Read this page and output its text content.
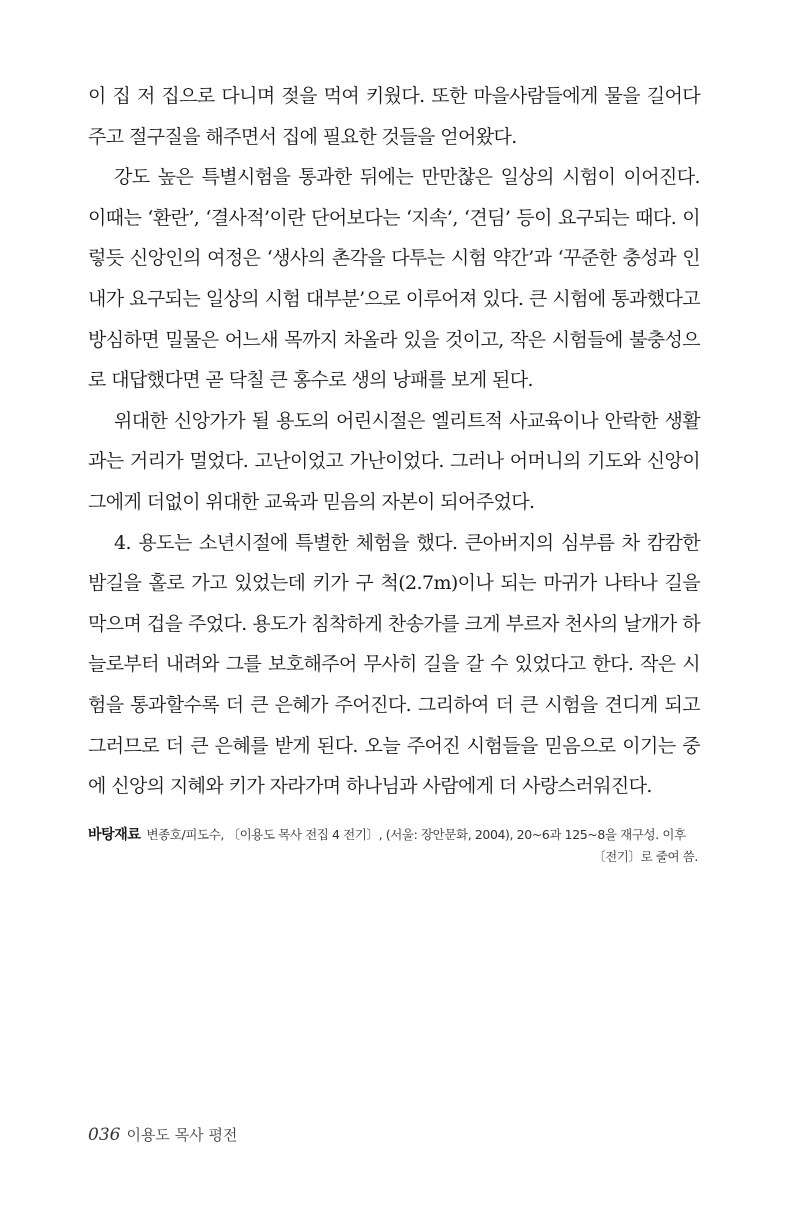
이 집 저 집으로 다니며 젖을 먹여 키웠다. 또한 마을사람들에게 물을 길어다 주고 절구질을 해주면서 집에 필요한 것들을 얻어왔다.

강도 높은 특별시험을 통과한 뒤에는 만만찮은 일상의 시험이 이어진다. 이때는 ‘환란’, ‘결사적’이란 단어보다는 ‘지속’, ‘견딤’ 등이 요구되는 때다. 이렇듯 신앙인의 여정은 ‘생사의 촌각을 다투는 시험 약간’과 ‘꾸준한 충성과 인내가 요구되는 일상의 시험 대부분’으로 이루어져 있다. 큰 시험에 통과했다고 방심하면 밀물은 어느새 목까지 차올라 있을 것이고, 작은 시험들에 불충성으로 대답했다면 곧 닥칠 큰 홍수로 생의 낭패를 보게 된다.

위대한 신앙가가 될 용도의 어린시절은 엘리트적 사교육이나 안락한 생활과는 거리가 멀었다. 고난이었고 가난이었다. 그러나 어머니의 기도와 신앙이 그에게 더없이 위대한 교육과 믿음의 자본이 되어주었다.

4. 용도는 소년시절에 특별한 체험을 했다. 큰아버지의 심부름 차 캄캄한 밤길을 홀로 가고 있었는데 키가 구 척(2.7m)이나 되는 마귀가 나타나 길을 막으며 겁을 주었다. 용도가 침착하게 찬송가를 크게 부르자 천사의 날개가 하늘로부터 내려와 그를 보호해주어 무사히 길을 갈 수 있었다고 한다. 작은 시험을 통과할수록 더 큰 은혜가 주어진다. 그리하여 더 큰 시험을 견디게 되고 그러므로 더 큰 은혜를 받게 된다. 오늘 주어진 시험들을 믿음으로 이기는 중에 신앙의 지혜와 키가 자라가며 하나님과 사람에게 더 사랑스러워진다.

바탕재료 변종호/피도수, 〔이용도 목사 전집 4 전기〕, (서울: 장안문화, 2004), 20~6과 125~8을 재구성. 이후
〔전기〕로 줄여 씀.
036 이용도 목사 평전
